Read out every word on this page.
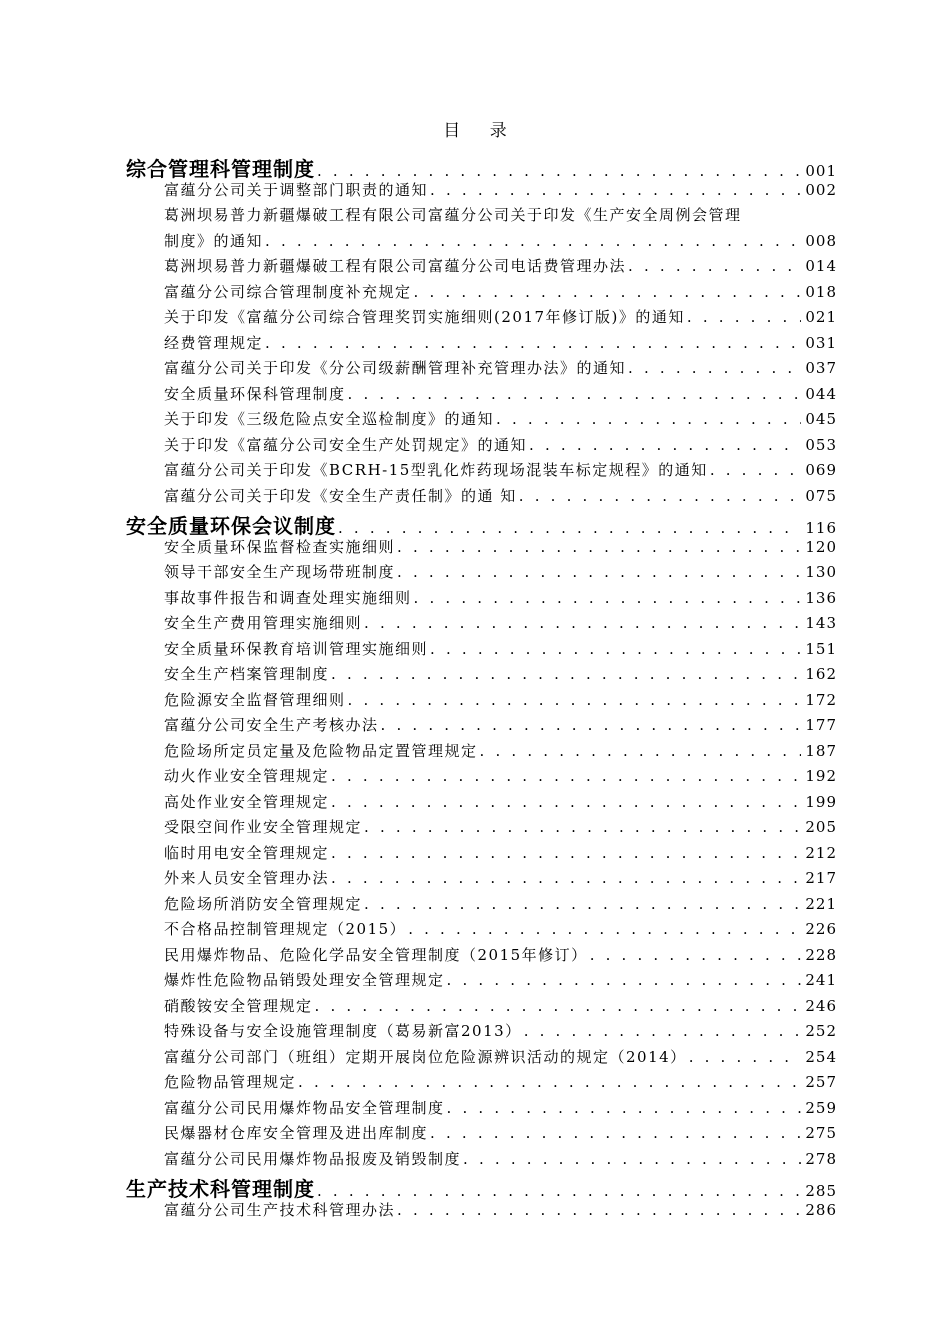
目 录
综合管理科管理制度 . . .	001
富蕴分公司关于调整部门职责的通知 . . .	002
葛洲坝易普力新疆爆破工程有限公司富蕴分公司关于印发《生产安全周例会管理
制度》的通知 . . .	008
葛洲坝易普力新疆爆破工程有限公司富蕴分公司电话费管理办法 . . .	014
富蕴分公司综合管理制度补充规定 . . .	018
关于印发《富蕴分公司综合管理奖罚实施细则(2017年修订版)》的通知 . . .	021
经费管理规定 . . .	031
富蕴分公司关于印发《分公司级薪酬管理补充管理办法》的通知 . . .	037
安全质量环保科管理制度 . . .	044
关于印发《三级危险点安全巡检制度》的通知 . . .	045
关于印发《富蕴分公司安全生产处罚规定》的通知 . . .	053
富蕴分公司关于印发《BCRH-15型乳化炸药现场混装车标定规程》的通知 . . .	069
富蕴分公司关于印发《安全生产责任制》的通 知 . . .	075
安全质量环保会议制度 . . .	116
安全质量环保监督检查实施细则 . . .	120
领导干部安全生产现场带班制度 . . .	130
事故事件报告和调查处理实施细则 . . .	136
安全生产费用管理实施细则 . . .	143
安全质量环保教育培训管理实施细则 . . .	151
安全生产档案管理制度 . . .	162
危险源安全监督管理细则 . . .	172
富蕴分公司安全生产考核办法 . . .	177
危险场所定员定量及危险物品定置管理规定 . . .	187
动火作业安全管理规定 . . .	192
高处作业安全管理规定 . . .	199
受限空间作业安全管理规定 . . .	205
临时用电安全管理规定 . . .	212
外来人员安全管理办法 . . .	217
危险场所消防安全管理规定 . . .	221
不合格品控制管理规定（2015） . . .	226
民用爆炸物品、危险化学品安全管理制度（2015年修订） . . .	228
爆炸性危险物品销毁处理安全管理规定 . . .	241
硝酸铵安全管理规定 . . .	246
特殊设备与安全设施管理制度（葛易新富2013） . . .	252
富蕴分公司部门（班组）定期开展岗位危险源辨识活动的规定（2014） . . .	254
危险物品管理规定 . . .	257
富蕴分公司民用爆炸物品安全管理制度 . . .	259
民爆器材仓库安全管理及进出库制度 . . .	275
富蕴分公司民用爆炸物品报废及销毁制度 . . .	278
生产技术科管理制度 . . .	285
富蕴分公司生产技术科管理办法 . . .	286
